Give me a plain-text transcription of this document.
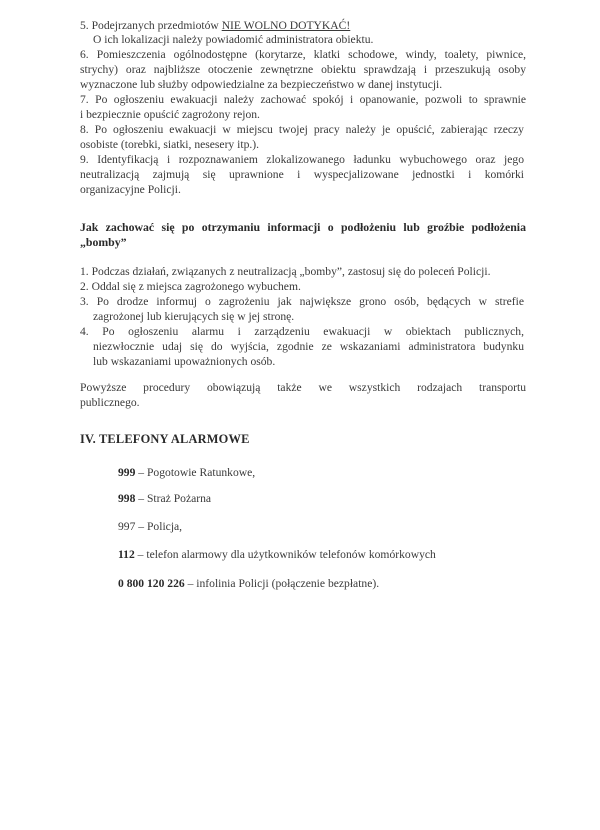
5. Podejrzanych przedmiotów NIE WOLNO DOTYKAĆ!
O ich lokalizacji należy powiadomić administratora obiektu.
6. Pomieszczenia ogólnodostępne (korytarze, klatki schodowe, windy, toalety, piwnice,
strychy) oraz najbliższe otoczenie zewnętrzne obiektu sprawdzają i przeszukują osoby
wyznaczone lub służby odpowiedzialne za bezpieczeństwo w danej instytucji.
7. Po ogłoszeniu ewakuacji należy zachować spokój i opanowanie, pozwoli to sprawnie
i bezpiecznie opuścić zagrożony rejon.
8. Po ogłoszeniu ewakuacji w miejscu twojej pracy należy je opuścić, zabierając rzeczy
osobiste (torebki, siatki, nesesery itp.).
9. Identyfikacją i rozpoznawaniem zlokalizowanego ładunku wybuchowego oraz jego
neutralizacją zajmują się uprawnione i wyspecjalizowane jednostki i komórki
organizacyjne Policji.
Jak zachować się po otrzymaniu informacji o podłożeniu lub groźbie podłożenia
„bomby”
1. Podczas działań, związanych z neutralizacją „bomby”, zastosuj się do poleceń Policji.
2. Oddal się z miejsca zagrożonego wybuchem.
3. Po drodze informuj o zagrożeniu jak największe grono osób, będących w strefie
zagrożonej lub kierujących się w jej stronę.
4. Po ogłoszeniu alarmu i zarządzeniu ewakuacji w obiektach publicznych,
niezwłocznie udaj się do wyjścia, zgodnie ze wskazaniami administratora budynku
lub wskazaniami upoważnionych osób.
Powyższe procedury obowiązują także we wszystkich rodzajach transportu
publicznego.
IV. TELEFONY ALARMOWE
999 – Pogotowie Ratunkowe,
998 – Straż Pożarna
997 – Policja,
112 – telefon alarmowy dla użytkowników telefonów komórkowych
0 800 120 226 – infolinia Policji (połączenie bezpłatne).
